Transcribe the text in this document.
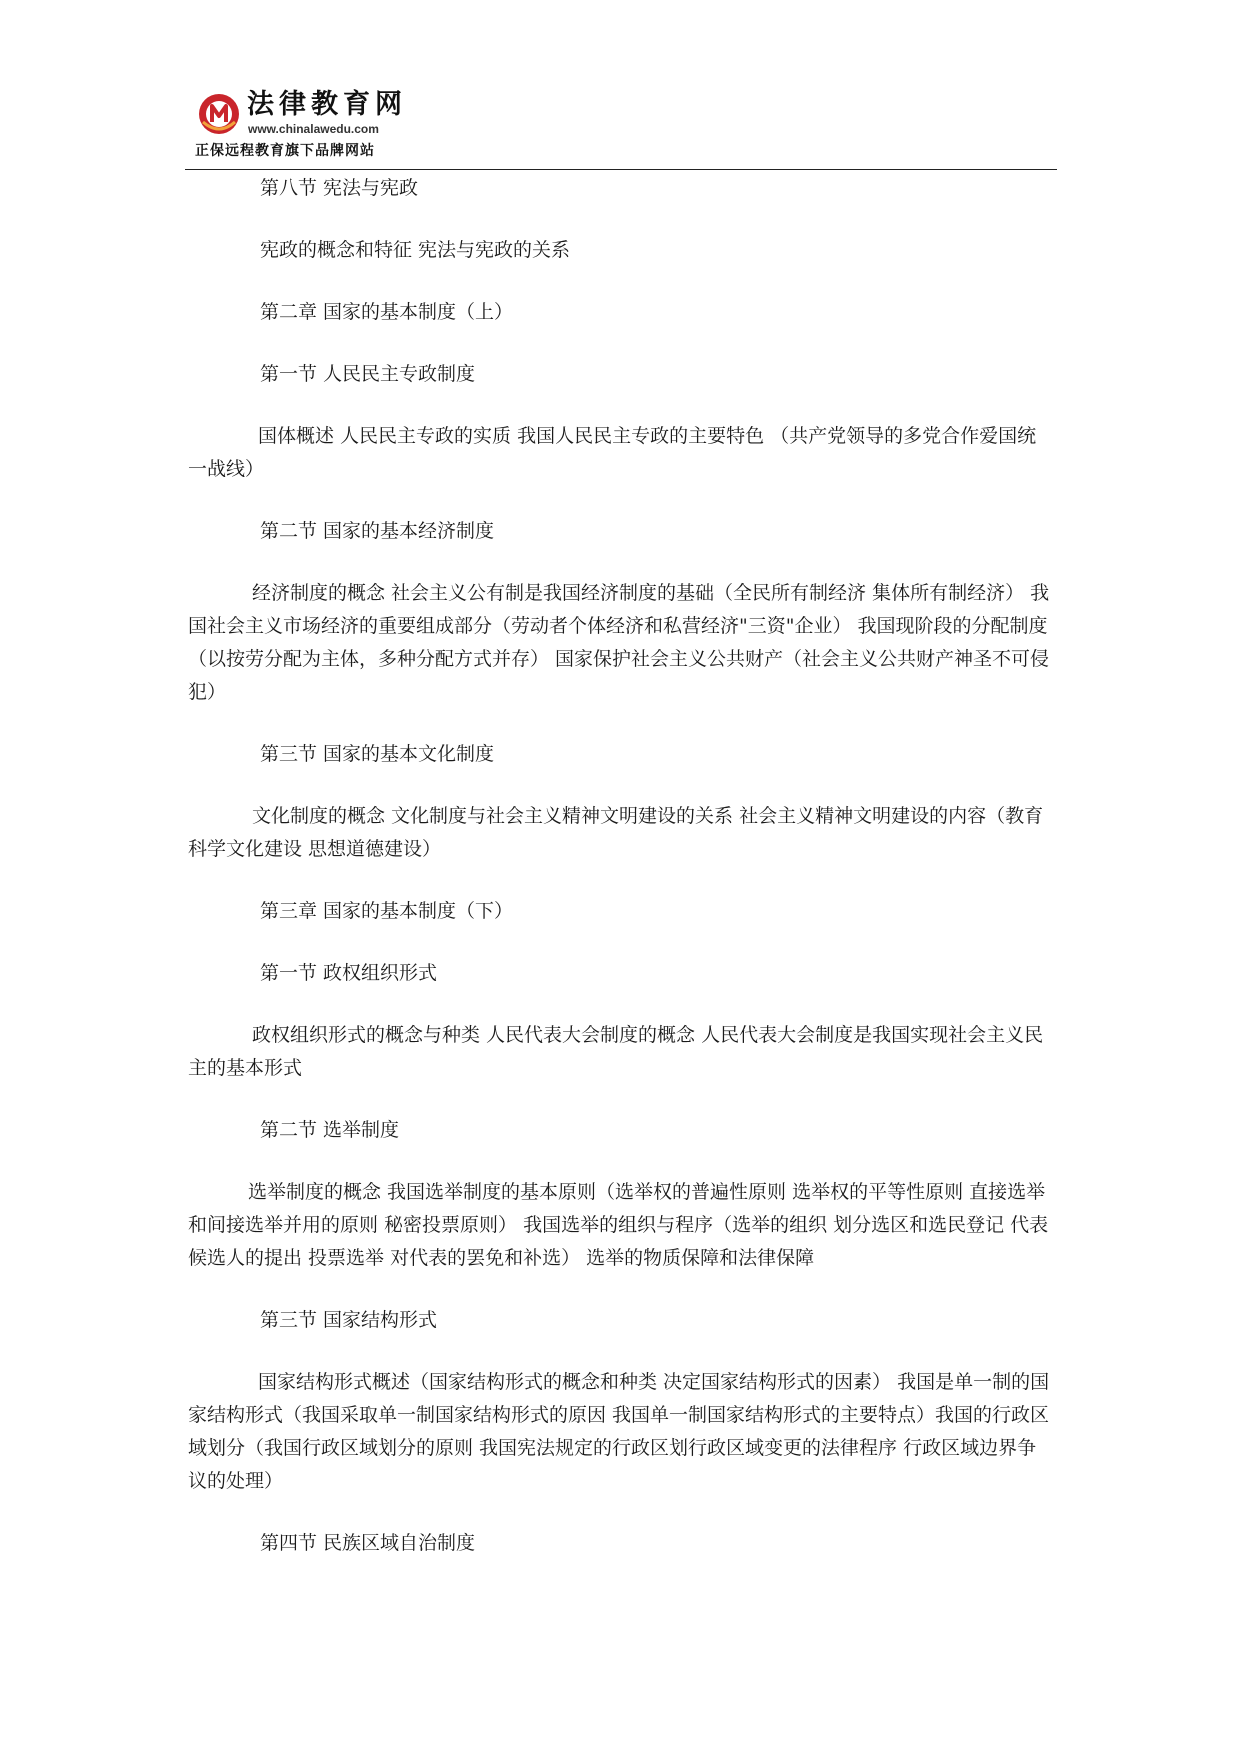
法律教育网
www.chinalawedu.com
正保远程教育旗下品牌网站

第八节 宪法与宪政

宪政的概念和特征 宪法与宪政的关系

第二章 国家的基本制度（上）

第一节 人民民主专政制度

国体概述 人民民主专政的实质 我国人民民主专政的主要特色 （共产党领导的多党合作爱国统一战线）

第二节 国家的基本经济制度

经济制度的概念 社会主义公有制是我国经济制度的基础（全民所有制经济 集体所有制经济） 我国社会主义市场经济的重要组成部分（劳动者个体经济和私营经济"三资"企业） 我国现阶段的分配制度（以按劳分配为主体，多种分配方式并存） 国家保护社会主义公共财产（社会主义公共财产神圣不可侵犯）

第三节 国家的基本文化制度

文化制度的概念 文化制度与社会主义精神文明建设的关系 社会主义精神文明建设的内容（教育科学文化建设 思想道德建设）

第三章 国家的基本制度（下）

第一节 政权组织形式

政权组织形式的概念与种类 人民代表大会制度的概念 人民代表大会制度是我国实现社会主义民主的基本形式

第二节 选举制度

选举制度的概念 我国选举制度的基本原则（选举权的普遍性原则 选举权的平等性原则 直接选举和间接选举并用的原则 秘密投票原则） 我国选举的组织与程序（选举的组织 划分选区和选民登记 代表候选人的提出 投票选举 对代表的罢免和补选） 选举的物质保障和法律保障

第三节 国家结构形式

国家结构形式概述（国家结构形式的概念和种类 决定国家结构形式的因素） 我国是单一制的国家结构形式（我国采取单一制国家结构形式的原因 我国单一制国家结构形式的主要特点）我国的行政区域划分（我国行政区域划分的原则 我国宪法规定的行政区划行政区域变更的法律程序 行政区域边界争议的处理）

第四节 民族区域自治制度
